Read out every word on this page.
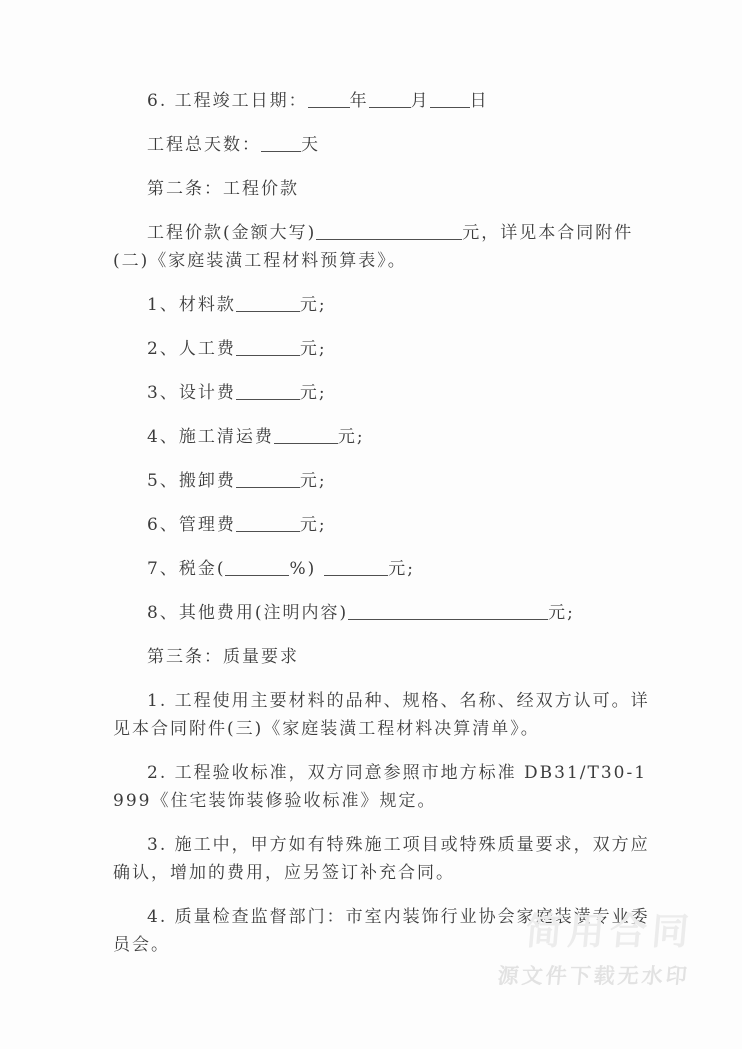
6. 工程竣工日期： 年 月 日

工程总天数： 天

第二条：工程价款

工程价款(金额大写)	元，详见本合同附件(二)《家庭装潢工程材料预算表》。

1、材料款	元;

2、人工费	元;

3、设计费	元;

4、施工清运费	元;

5、搬卸费	元;

6、管理费	元;

7、税金(	%)	元;

8、其他费用(注明内容)	元;

第三条：质量要求

1. 工程使用主要材料的品种、规格、名称、经双方认可。详见本合同附件(三)《家庭装潢工程材料决算清单》。

2. 工程验收标准，双方同意参照市地方标准 DB31/T30-1999《住宅装饰装修验收标准》规定。

3. 施工中，甲方如有特殊施工项目或特殊质量要求，双方应确认，增加的费用，应另签订补充合同。

4. 质量检查监督部门：市室内装饰行业协会家庭装潢专业委员会。	简用合同
源文件下载无水印
